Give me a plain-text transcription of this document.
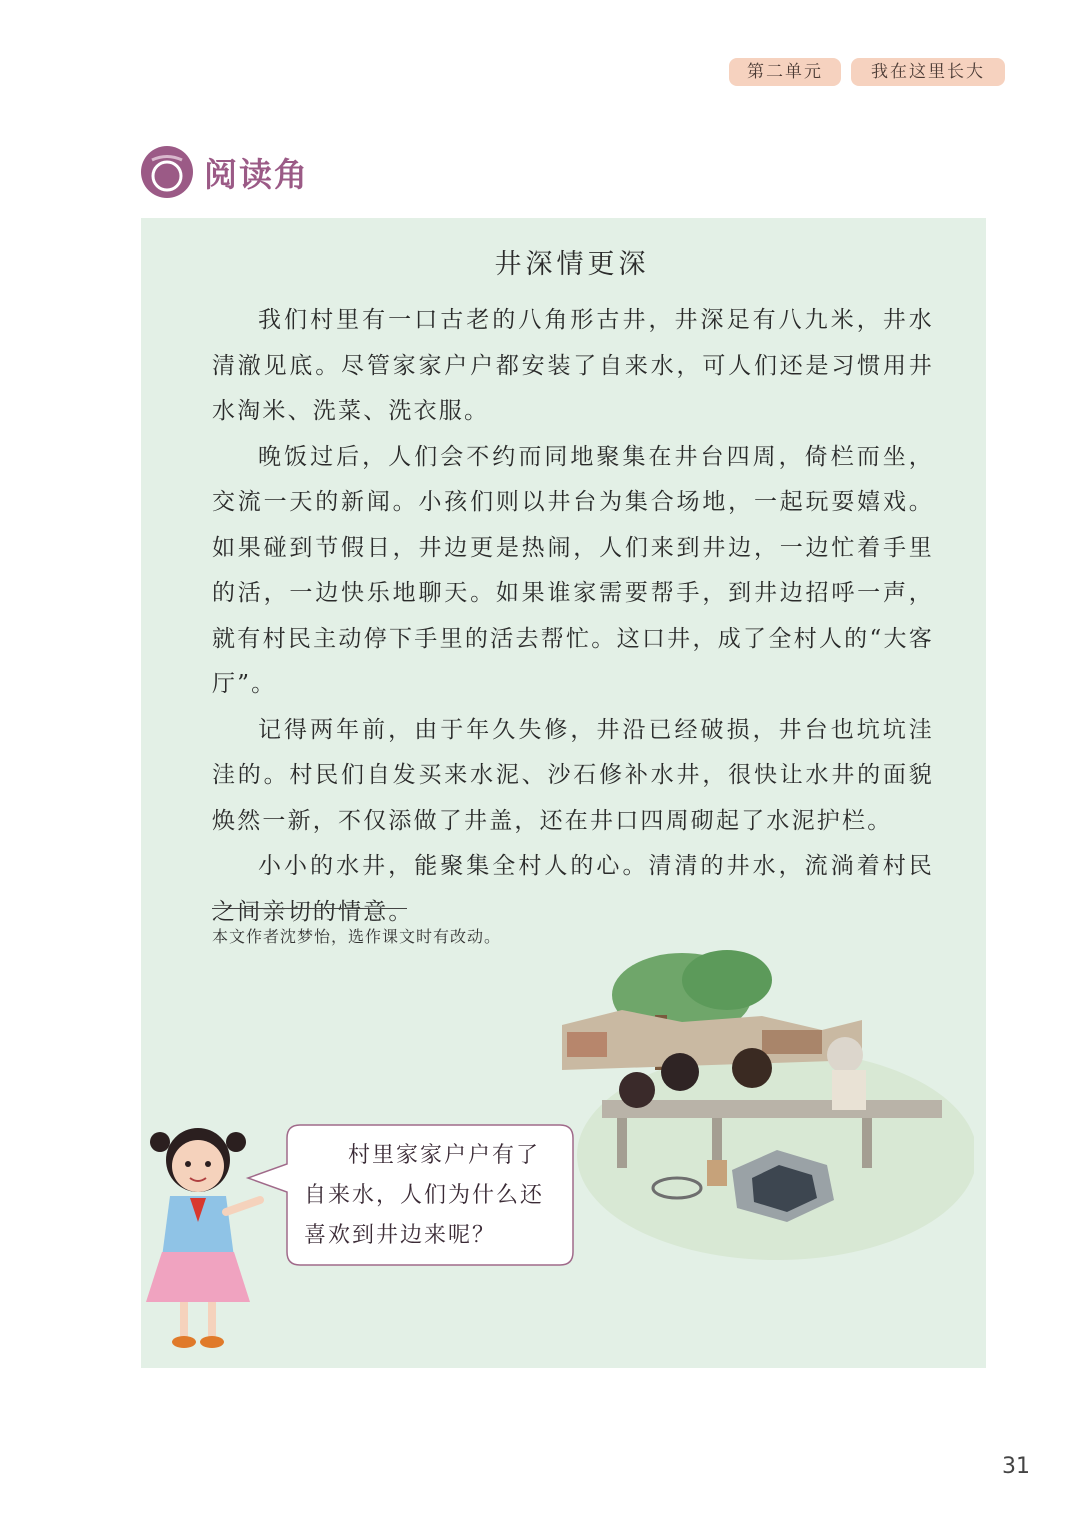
第二单元	我在这里长大
阅读角
井深情更深

我们村里有一口古老的八角形古井，井深足有八九米，井水清澈见底。尽管家家户户都安装了自来水，可人们还是习惯用井水淘米、洗菜、洗衣服。

晚饭过后，人们会不约而同地聚集在井台四周，倚栏而坐，交流一天的新闻。小孩们则以井台为集合场地，一起玩耍嬉戏。如果碰到节假日，井边更是热闹，人们来到井边，一边忙着手里的活，一边快乐地聊天。如果谁家需要帮手，到井边招呼一声，就有村民主动停下手里的活去帮忙。这口井，成了全村人的“大客厅”。

记得两年前，由于年久失修，井沿已经破损，井台也坑坑洼洼的。村民们自发买来水泥、沙石修补水井，很快让水井的面貌焕然一新，不仅添做了井盖，还在井口四周砌起了水泥护栏。

小小的水井，能聚集全村人的心。清清的井水，流淌着村民之间亲切的情意。

本文作者沈梦怡，选作课文时有改动。
村里家家户户有了自来水，人们为什么还喜欢到井边来呢？
31
